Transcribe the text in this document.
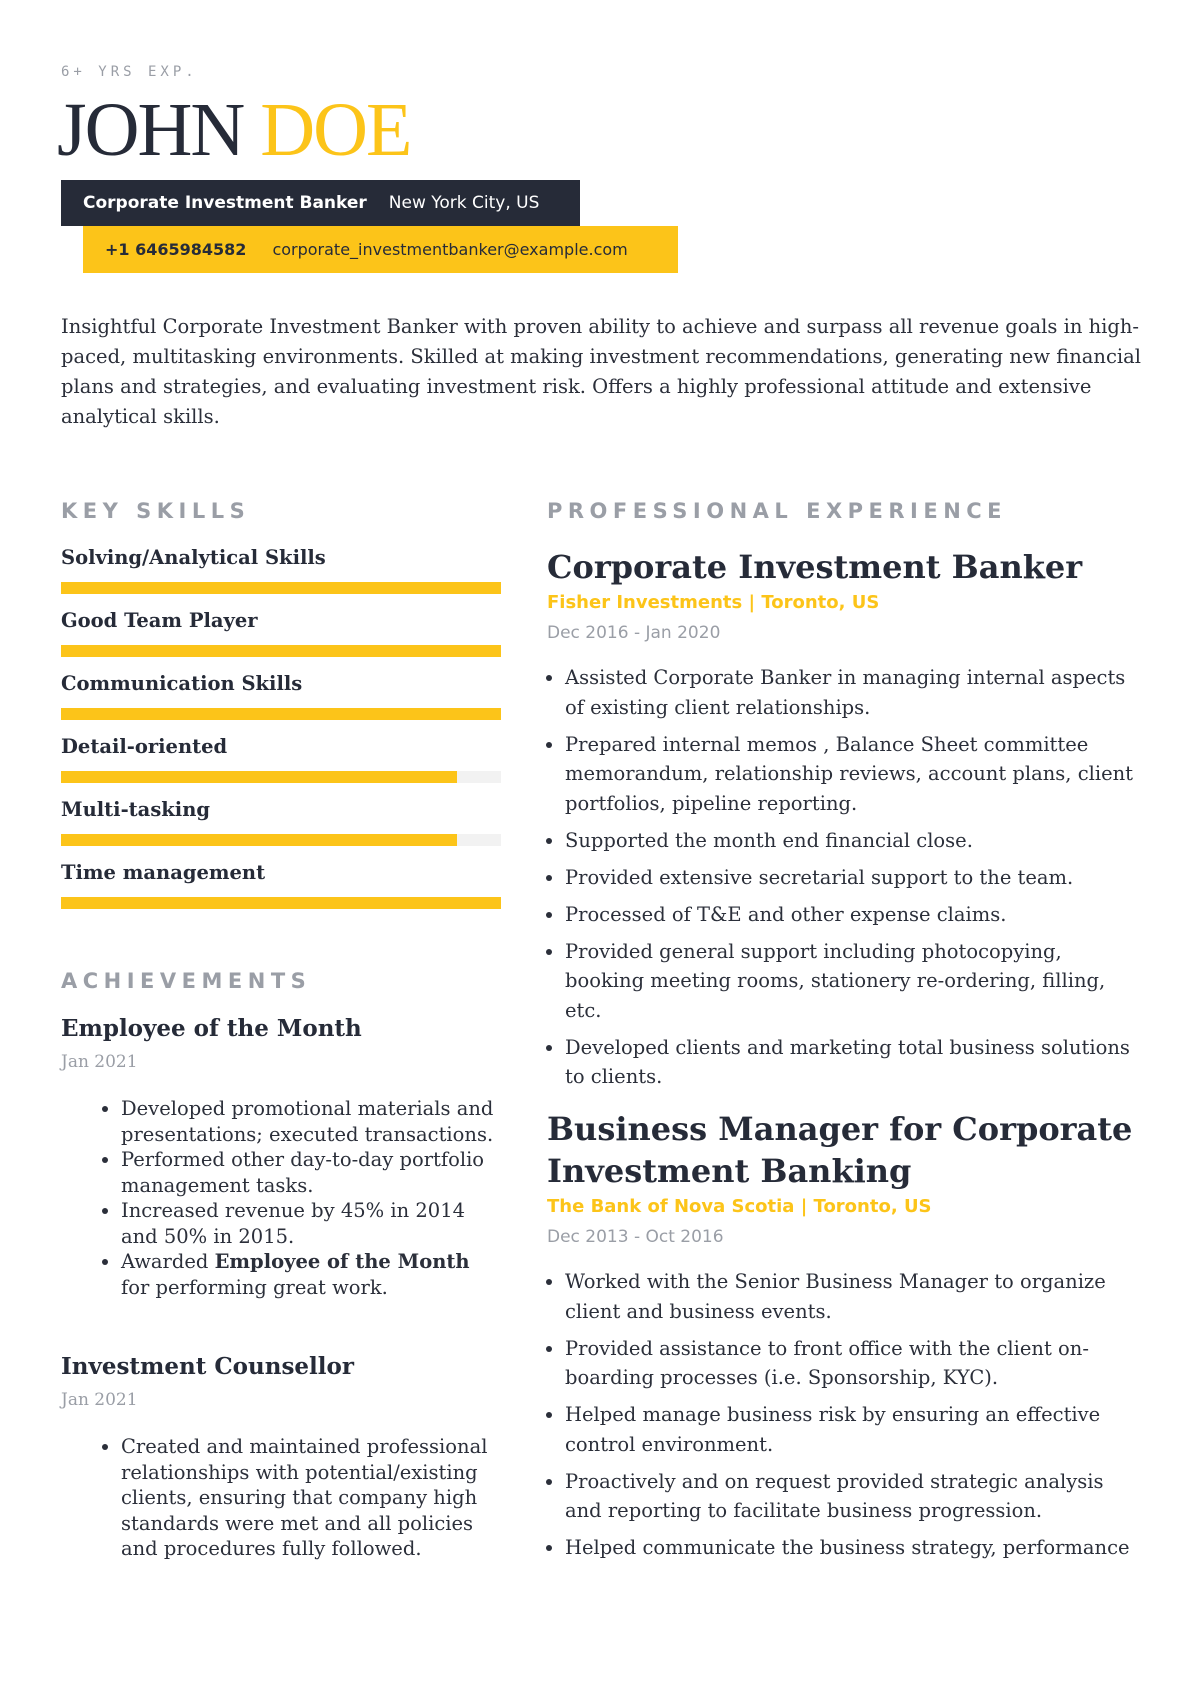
6+ YRS EXP.
JOHN DOE
Corporate Investment Banker New York City, US
+1 6465984582 corporate_investmentbanker@example.com
Insightful Corporate Investment Banker with proven ability to achieve and surpass all revenue goals in high-paced, multitasking environments. Skilled at making investment recommendations, generating new financial plans and strategies, and evaluating investment risk. Offers a highly professional attitude and extensive analytical skills.
KEY SKILLS
Solving/Analytical Skills
Good Team Player
Communication Skills
Detail-oriented
Multi-tasking
Time management
ACHIEVEMENTS
Employee of the Month
Jan 2021
• Developed promotional materials and presentations; executed transactions.
• Performed other day-to-day portfolio management tasks.
• Increased revenue by 45% in 2014 and 50% in 2015.
• Awarded Employee of the Month for performing great work.
Investment Counsellor
Jan 2021
• Created and maintained professional relationships with potential/existing clients, ensuring that company high standards were met and all policies and procedures fully followed.
PROFESSIONAL EXPERIENCE
Corporate Investment Banker
Fisher Investments | Toronto, US
Dec 2016 - Jan 2020
• Assisted Corporate Banker in managing internal aspects of existing client relationships.
• Prepared internal memos , Balance Sheet committee memorandum, relationship reviews, account plans, client portfolios, pipeline reporting.
• Supported the month end financial close.
• Provided extensive secretarial support to the team.
• Processed of T&E and other expense claims.
• Provided general support including photocopying, booking meeting rooms, stationery re-ordering, filling, etc.
• Developed clients and marketing total business solutions to clients.
Business Manager for Corporate Investment Banking
The Bank of Nova Scotia | Toronto, US
Dec 2013 - Oct 2016
• Worked with the Senior Business Manager to organize client and business events.
• Provided assistance to front office with the client on-boarding processes (i.e. Sponsorship, KYC).
• Helped manage business risk by ensuring an effective control environment.
• Proactively and on request provided strategic analysis and reporting to facilitate business progression.
• Helped communicate the business strategy, performance
